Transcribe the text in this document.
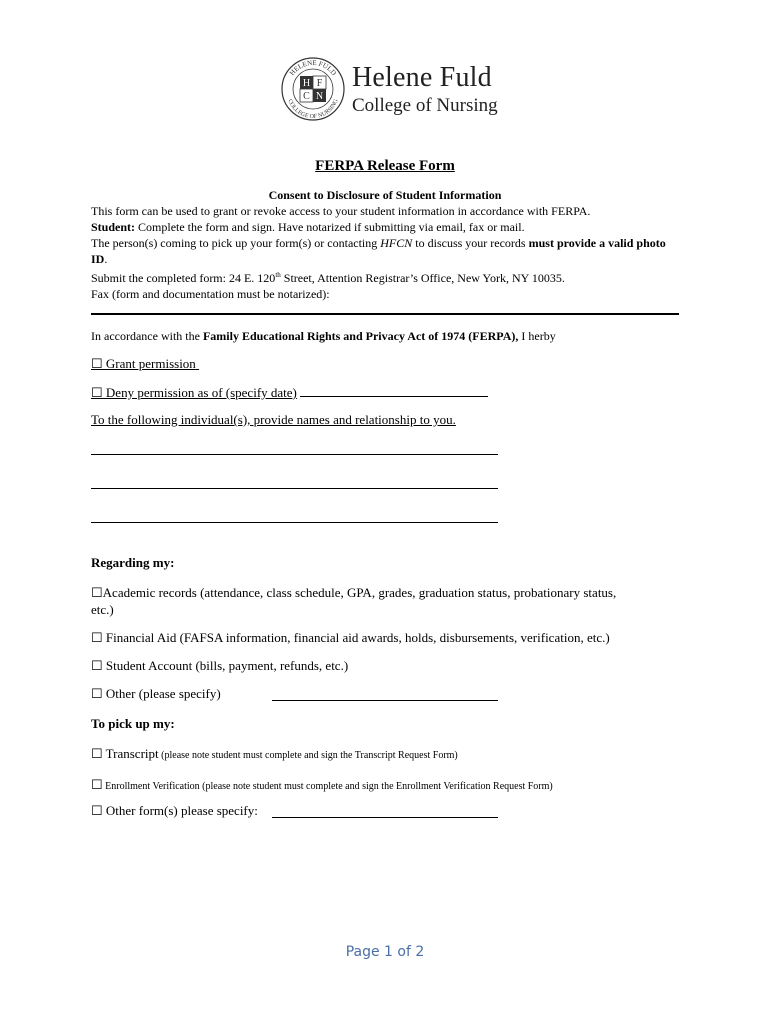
HELENE FULD
COLLEGE OF NURSING
H F
C N
Helene Fuld
College of Nursing
FERPA Release Form
Consent to Disclosure of Student Information

This form can be used to grant or revoke access to your student information in accordance with FERPA.

Student: Complete the form and sign. Have notarized if submitting via email, fax or mail.

The person(s) coming to pick up your form(s) or contacting HFCN to discuss your records must provide a valid photo ID.

Submit the completed form: 24 E. 120th Street, Attention Registrar’s Office, New York, NY 10035.

Fax (form and documentation must be notarized):

In accordance with the Family Educational Rights and Privacy Act of 1974 (FERPA), I herby
☐ Grant permission
☐ Deny permission as of (specify date)
To the following individual(s), provide names and relationship to you.
Regarding my:
☐Academic records (attendance, class schedule, GPA, grades, graduation status, probationary status,
etc.)
☐ Financial Aid (FAFSA information, financial aid awards, holds, disbursements, verification, etc.)
☐ Student Account (bills, payment, refunds, etc.)
☐ Other (please specify)
To pick up my:
☐ Transcript (please note student must complete and sign the Transcript Request Form)
☐ Enrollment Verification (please note student must complete and sign the Enrollment Verification Request Form)
☐ Other form(s) please specify:
Page 1 of 2
